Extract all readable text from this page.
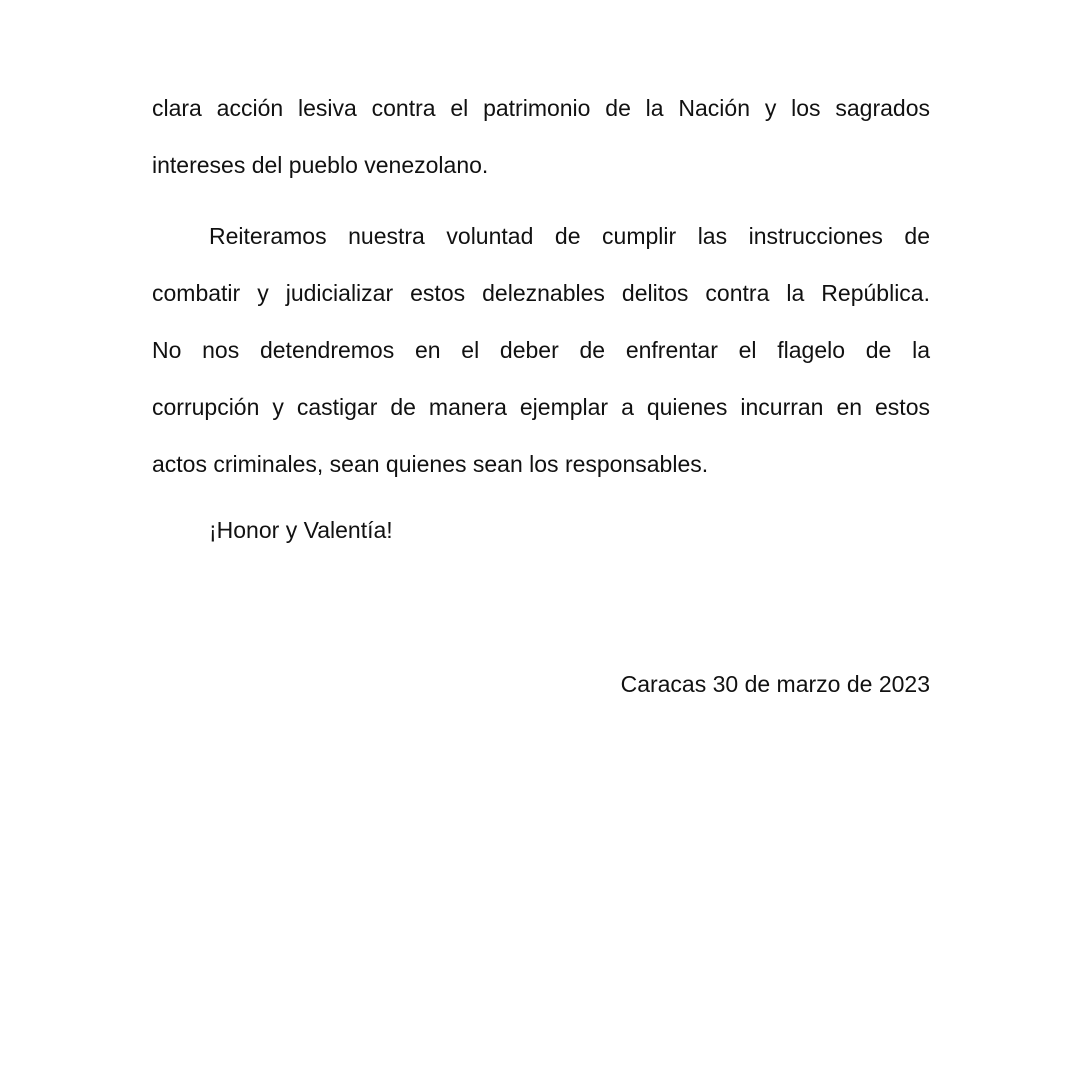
clara acción lesiva contra el patrimonio de la Nación y los sagrados
intereses del pueblo venezolano.

Reiteramos nuestra voluntad de cumplir las instrucciones de
combatir y judicializar estos deleznables delitos contra la República.
No nos detendremos en el deber de enfrentar el flagelo de la
corrupción y castigar de manera ejemplar a quienes incurran en estos
actos criminales, sean quienes sean los responsables.

¡Honor y Valentía!

Caracas 30 de marzo de 2023
